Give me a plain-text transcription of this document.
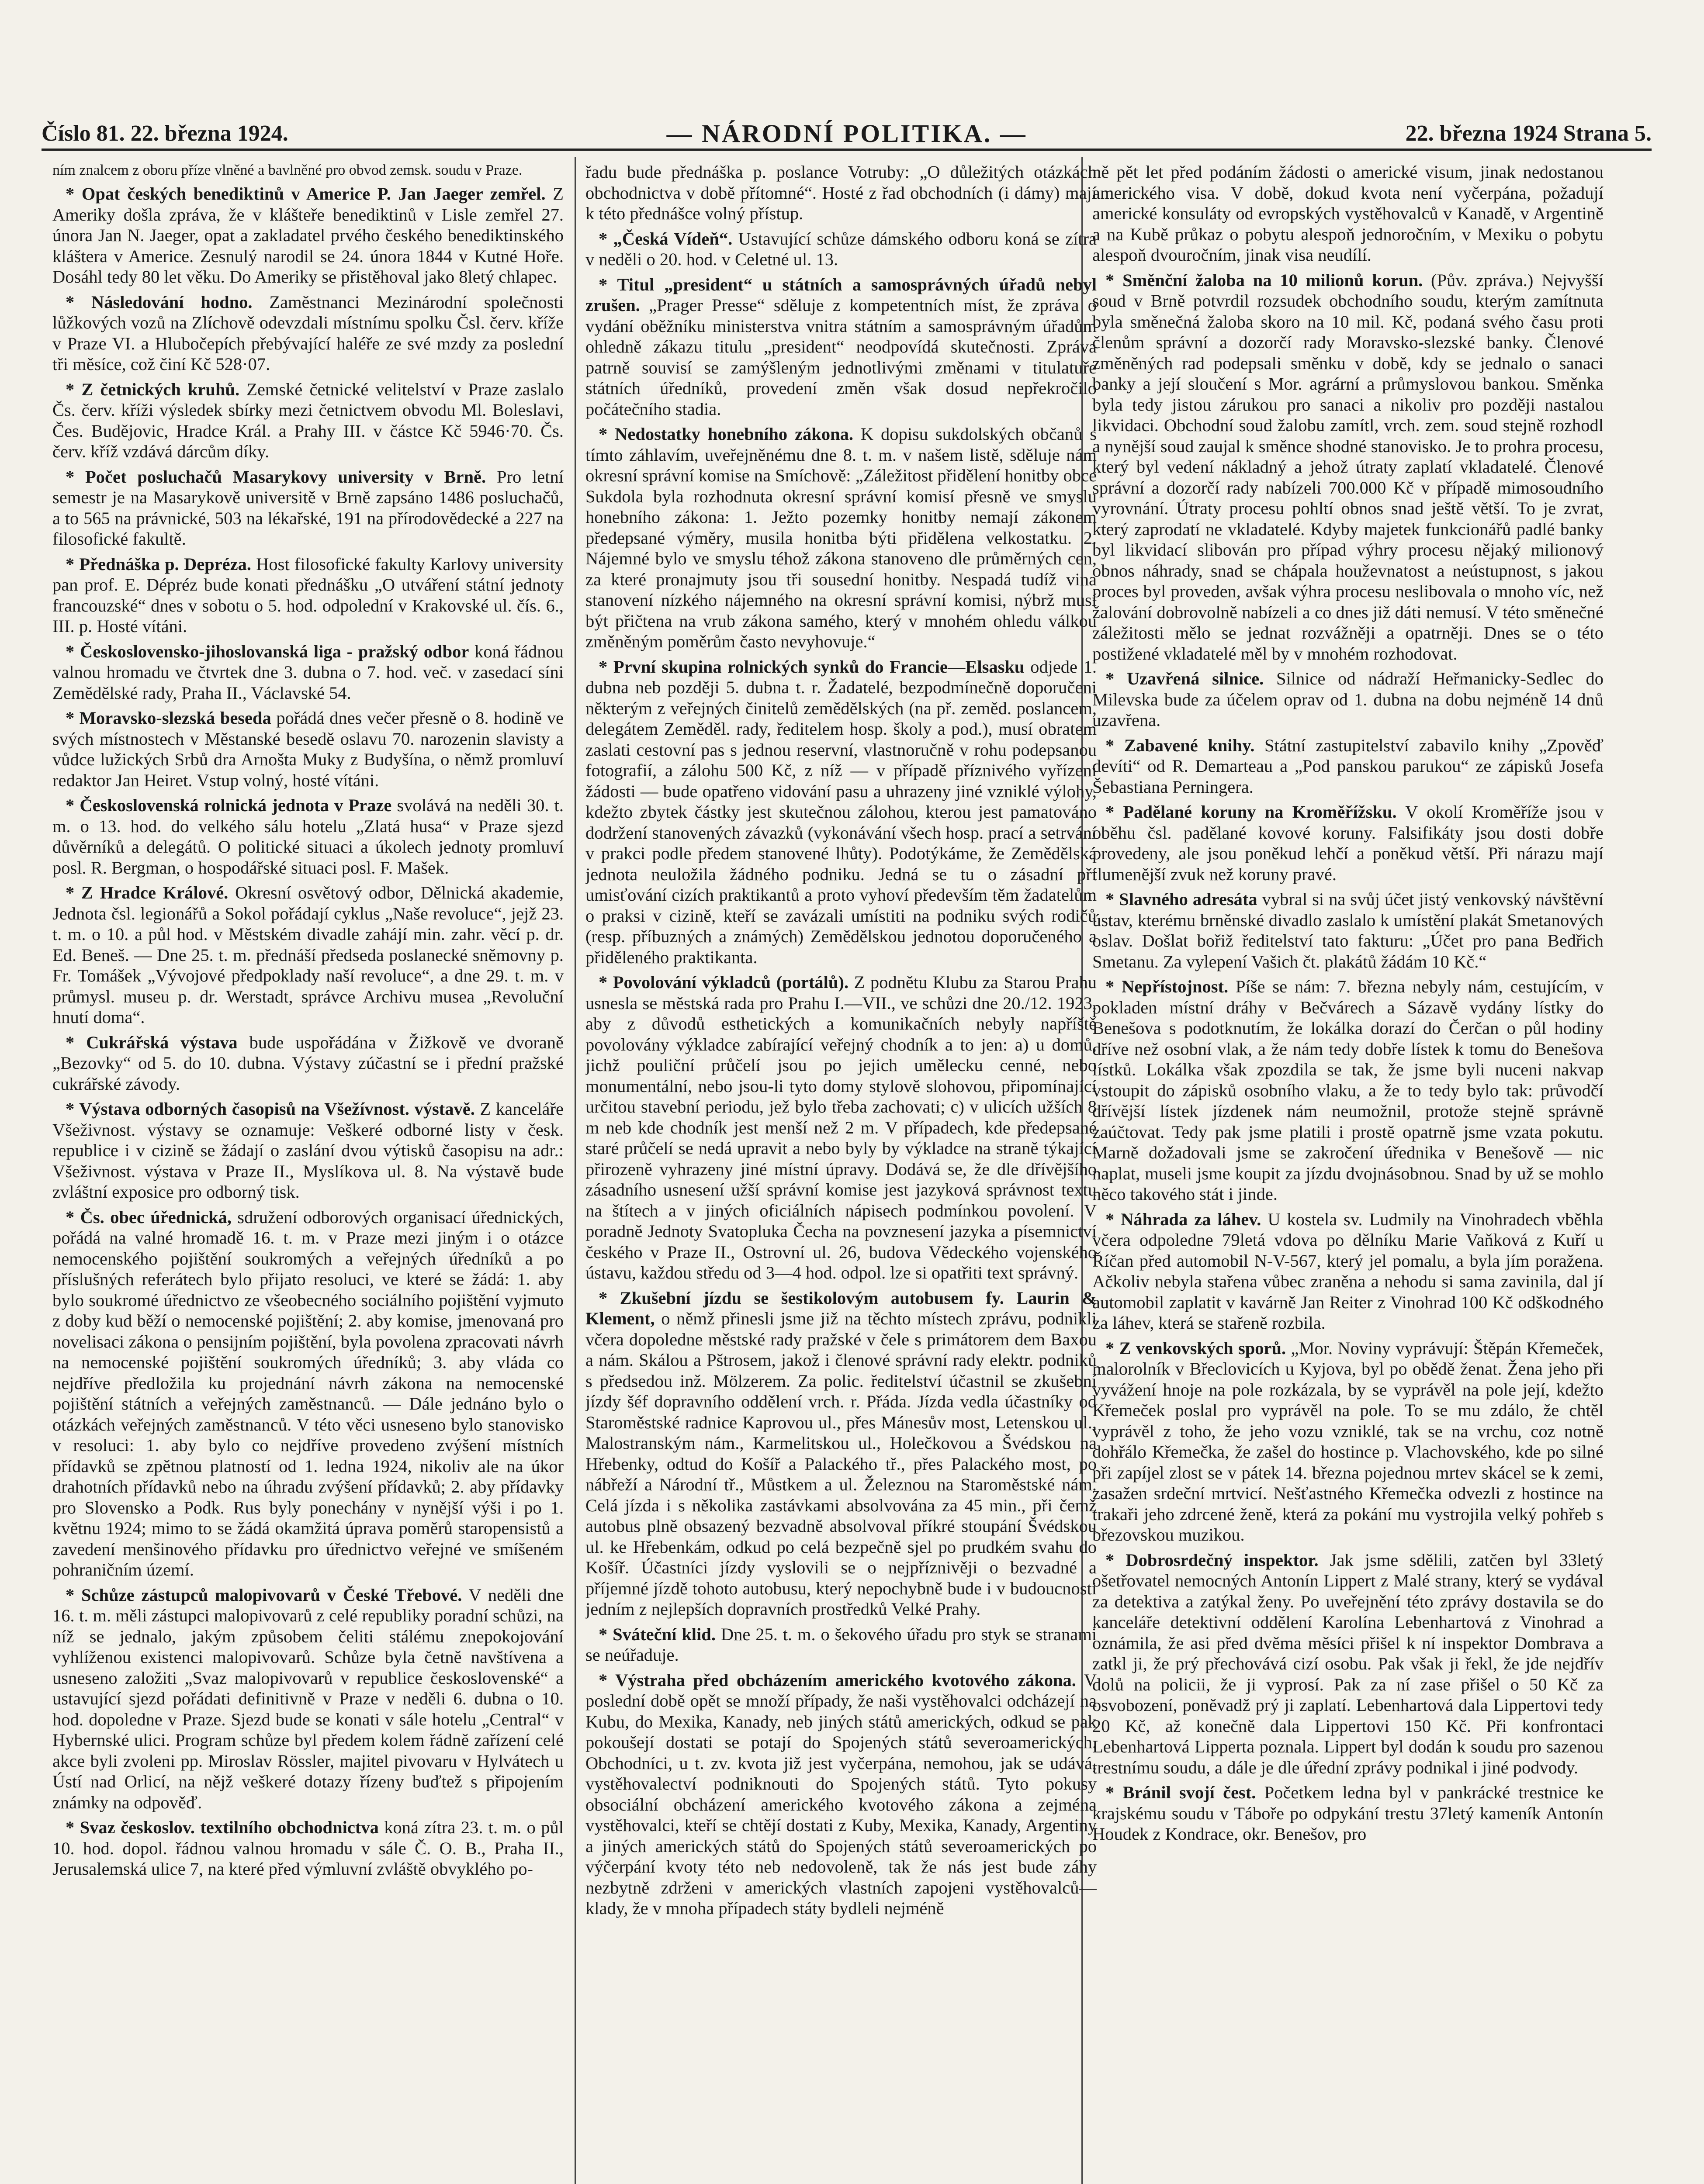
Číslo 81. 22. března 1924.	— NÁRODNÍ POLITIKA. —	22. března 1924 Strana 5.

ním znalcem z oboru příze vlněné a bavlněné pro obvod zemsk. soudu v Praze.

* Opat českých benediktinů v Americe P. Jan Jaeger zemřel. Z Ameriky došla zpráva, že v klášteře benediktinů v Lisle zemřel 27. února Jan N. Jaeger, opat a zakladatel prvého českého benediktinského kláštera v Americe. Zesnulý narodil se 24. února 1844 v Kutné Hoře. Dosáhl tedy 80 let věku. Do Ameriky se přistěhoval jako 8letý chlapec.

* Následování hodno. Zaměstnanci Mezinárodní společnosti lůžkových vozů na Zlíchově odevzdali místnímu spolku Čsl. červ. kříže v Praze VI. a Hlubočepích přebývající haléře ze své mzdy za poslední tři měsíce, což činí Kč 528·07.

* Z četnických kruhů. Zemské četnické velitelství v Praze zaslalo Čs. červ. kříži výsledek sbírky mezi četnictvem obvodu Ml. Boleslavi, Čes. Budějovic, Hradce Král. a Prahy III. v částce Kč 5946·70. Čs. červ. kříž vzdává dárcům díky.

* Počet posluchačů Masarykovy university v Brně. Pro letní semestr je na Masarykově universitě v Brně zapsáno 1486 posluchačů, a to 565 na právnické, 503 na lékařské, 191 na přírodovědecké a 227 na filosofické fakultě.

* Přednáška p. Depréza. Host filosofické fakulty Karlovy university pan prof. E. Dépréz bude konati přednášku „O utváření státní jednoty francouzské“ dnes v sobotu o 5. hod. odpolední v Krakovské ul. čís. 6., III. p. Hosté vítáni.

* Československo-jihoslovanská liga - pražský odbor koná řádnou valnou hromadu ve čtvrtek dne 3. dubna o 7. hod. več. v zasedací síni Zemědělské rady, Praha II., Václavské 54.

* Moravsko-slezská beseda pořádá dnes večer přesně o 8. hodině ve svých místnostech v Městanské besedě oslavu 70. narozenin slavisty a vůdce lužických Srbů dra Arnošta Muky z Budyšína, o němž promluví redaktor Jan Heiret. Vstup volný, hosté vítáni.

* Československá rolnická jednota v Praze svolává na neděli 30. t. m. o 13. hod. do velkého sálu hotelu „Zlatá husa“ v Praze sjezd důvěrníků a delegátů. O politické situaci a úkolech jednoty promluví posl. R. Bergman, o hospodářské situaci posl. F. Mašek.

* Z Hradce Králové. Okresní osvětový odbor, Dělnická akademie, Jednota čsl. legionářů a Sokol pořádají cyklus „Naše revoluce“, jejž 23. t. m. o 10. a půl hod. v Městském divadle zahájí min. zahr. věcí p. dr. Ed. Beneš. — Dne 25. t. m. přednáší předseda poslanecké sněmovny p. Fr. Tomášek „Vývojové předpoklady naší revoluce“, a dne 29. t. m. v průmysl. museu p. dr. Werstadt, správce Archivu musea „Revoluční hnutí doma“.

* Cukrářská výstava bude uspořádána v Žižkově ve dvoraně „Bezovky“ od 5. do 10. dubna. Výstavy zúčastní se i přední pražské cukrářské závody.

* Výstava odborných časopisů na Všežívnost. výstavě. Z kanceláře Všeživnost. výstavy se oznamuje: Veškeré odborné listy v česk. republice i v cizině se žádají o zaslání dvou výtisků časopisu na adr.: Všeživnost. výstava v Praze II., Myslíkova ul. 8. Na výstavě bude zvláštní exposice pro odborný tisk.

* Čs. obec úřednická, sdružení odborových organisací úřednických, pořádá na valné hromadě 16. t. m. v Praze mezi jiným i o otázce nemocenského pojištění soukromých a veřejných úředníků a po příslušných referátech bylo přijato resoluci, ve které se žádá: 1. aby bylo soukromé úřednictvo ze všeobecného sociálního pojištění vyjmuto z doby kud běží o nemocenské pojištění; 2. aby komise, jmenovaná pro novelisaci zákona o pensijním pojištění, byla povolena zpracovati návrh na nemocenské pojištění soukromých úředníků; 3. aby vláda co nejdříve předložila ku projednání návrh zákona na nemocenské pojištění státních a veřejných zaměstnanců. — Dále jednáno bylo o otázkách veřejných zaměstnanců. V této věci usneseno bylo stanovisko v resoluci: 1. aby bylo co nejdříve provedeno zvýšení místních přídavků se zpětnou platností od 1. ledna 1924, nikoliv ale na úkor drahotních přídavků nebo na úhradu zvýšení přídavků; 2. aby přídavky pro Slovensko a Podk. Rus byly ponechány v nynější výši i po 1. květnu 1924; mimo to se žádá okamžitá úprava poměrů staropensistů a zavedení menšinového přídavku pro úřednictvo veřejné ve smíšeném pohraničním území.

* Schůze zástupců malopivovarů v České Třebové. V neděli dne 16. t. m. měli zástupci malopivovarů z celé republiky poradní schůzi, na níž se jednalo, jakým způsobem čeliti stálému znepokojování vyhlíženou existenci malopivovarů. Schůze byla četně navštívena a usneseno založiti „Svaz malopivovarů v republice československé“ a ustavující sjezd pořádati definitivně v Praze v neděli 6. dubna o 10. hod. dopoledne v Praze. Sjezd bude se konati v sále hotelu „Central“ v Hybernské ulici. Program schůze byl předem kolem řádně zařízení celé akce byli zvoleni pp. Miroslav Rössler, majitel pivovaru v Hylvátech u Ústí nad Orlicí, na nějž veškeré dotazy řízeny buďtež s připojením známky na odpověď.

* Svaz českoslov. textilního obchodnictva koná zítra 23. t. m. o půl 10. hod. dopol. řádnou valnou hromadu v sále Č. O. B., Praha II., Jerusalemská ulice 7, na které před výmluvní zvláště obvyklého po-

řadu bude přednáška p. poslance Votruby: „O důležitých otázkách obchodnictva v době přítomné“. Hosté z řad obchodních (i dámy) mají k této přednášce volný přístup.

* „Česká Vídeň“. Ustavující schůze dámského odboru koná se zítra v neděli o 20. hod. v Celetné ul. 13.

* Titul „president“ u státních a samosprávných úřadů nebyl zrušen. „Prager Presse“ sděluje z kompetentních míst, že zpráva o vydání oběžníku ministerstva vnitra státním a samosprávným úřadům ohledně zákazu titulu „president“ neodpovídá skutečnosti. Zpráva patrně souvisí se zamýšleným jednotlivými změnami v titulatuře státních úředníků, provedení změn však dosud nepřekročilo počátečního stadia.

* Nedostatky honebního zákona. K dopisu sukdolských občanů s tímto záhlavím, uveřejněnému dne 8. t. m. v našem listě, sděluje nám okresní správní komise na Smíchově: „Záležitost přidělení honitby obce Sukdola byla rozhodnuta okresní správní komisí přesně ve smyslu honebního zákona: 1. Ježto pozemky honitby nemají zákonem předepsané výměry, musila honitba býti přidělena velkostatku. 2. Nájemné bylo ve smyslu téhož zákona stanoveno dle průměrných cen, za které pronajmuty jsou tři sousední honitby. Nespadá tudíž vina stanovení nízkého nájemného na okresní správní komisi, nýbrž musí být přičtena na vrub zákona samého, který v mnohém ohledu válkou změněným poměrům často nevyhovuje.“

* První skupina rolnických synků do Francie—Elsasku odjede 1. dubna neb později 5. dubna t. r. Žadatelé, bezpodmínečně doporučeni některým z veřejných činitelů zemědělských (na př. zeměd. poslancem, delegátem Zeměděl. rady, ředitelem hosp. školy a pod.), musí obratem zaslati cestovní pas s jednou reservní, vlastnoručně v rohu podepsanou fotografií, a zálohu 500 Kč, z níž — v případě příznivého vyřízení žádosti — bude opatřeno vidování pasu a uhrazeny jiné vzniklé výlohy, kdežto zbytek částky jest skutečnou zálohou, kterou jest pamatováno dodržení stanovených závazků (vykonávání všech hosp. prací a setrvání v prakci podle předem stanovené lhůty). Podotýkáme, že Zemědělská jednota neuložila žádného podniku. Jedná se tu o zásadní pří umisťování cizích praktikantů a proto vyhoví především těm žadatelům o praksi v cizině, kteří se zavázali umístiti na podniku svých rodičů (resp. příbuzných a známých) Zemědělskou jednotou doporučeného a přiděleného praktikanta.

* Povolování výkladců (portálů). Z podnětu Klubu za Starou Prahu usnesla se městská rada pro Prahu I.—VII., ve schůzi dne 20./12. 1923, aby z důvodů esthetických a komunikačních nebyly napříště povolovány výkladce zabírající veřejný chodník a to jen: a) u domů, jichž pouliční průčelí jsou po jejich umělecku cenné, nebo monumentální, nebo jsou-li tyto domy stylově slohovou, připomínající určitou stavební periodu, jež bylo třeba zachovati; c) v ulicích užších 8 m neb kde chodník jest menší než 2 m. V případech, kde předepsané staré průčelí se nedá upravit a nebo byly by výkladce na straně týkající přirozeně vyhrazeny jiné místní úpravy. Dodává se, že dle dřívějšího zásadního usnesení užší správní komise jest jazyková správnost textu na štítech a v jiných oficiálních nápisech podmínkou povolení. V poradně Jednoty Svatopluka Čecha na povznesení jazyka a písemnictví českého v Praze II., Ostrovní ul. 26, budova Vědeckého vojenského ústavu, každou středu od 3—4 hod. odpol. lze si opatřiti text správný.

* Zkušební jízdu se šestikolovým autobusem fy. Laurin & Klement, o němž přinesli jsme již na těchto místech zprávu, podnikli včera dopoledne městské rady pražské v čele s primátorem dem Baxou a nám. Skálou a Pštrosem, jakož i členové správní rady elektr. podniků s předsedou inž. Mölzerem. Za polic. ředitelství účastnil se zkušební jízdy šéf dopravního oddělení vrch. r. Přáda. Jízda vedla účastníky od Staroměstské radnice Kaprovou ul., přes Mánesův most, Letenskou ul., Malostranským nám., Karmelitskou ul., Holečkovou a Švédskou na Hřebenky, odtud do Košíř a Palackého tř., přes Palackého most, po nábřeží a Národní tř., Můstkem a ul. Železnou na Staroměstské nám. Celá jízda i s několika zastávkami absolvována za 45 min., při čemž autobus plně obsazený bezvadně absolvoval příkré stoupání Švédskou ul. ke Hřebenkám, odkud po celá bezpečně sjel po prudkém svahu do Košíř. Účastníci jízdy vyslovili se o nejpříznivěji o bezvadné a příjemné jízdě tohoto autobusu, který nepochybně bude i v budoucnosti jedním z nejlepších dopravních prostředků Velké Prahy.

* Sváteční klid. Dne 25. t. m. o šekového úřadu pro styk se stranami se neúřaduje.

* Výstraha před obcházením amerického kvotového zákona. V poslední době opět se množí případy, že naši vystěhovalci odcházejí na Kubu, do Mexika, Kanady, neb jiných států amerických, odkud se pak pokoušejí dostati se potají do Spojených států severoamerických. Obchodníci, u t. zv. kvota již jest vyčerpána, nemohou, jak se udává, vystěhovalectví podniknouti do Spojených států. Tyto pokusy obsociální obcházení amerického kvotového zákona a zejména vystěhovalci, kteří se chtějí dostati z Kuby, Mexika, Kanady, Argentiny a jiných amerických států do Spojených států severoamerických po výčerpání kvoty této neb nedovoleně, tak že nás jest bude záhy nezbytně zdrženi v amerických vlastních zapojeni vystěhovalců—klady, že v mnoha případech státy bydleli nejméně

ně pět let před podáním žádosti o americké visum, jinak nedostanou amerického visa. V době, dokud kvota není vyčerpána, požadují americké konsuláty od evropských vystěhovalců v Kanadě, v Argentině a na Kubě průkaz o pobytu alespoň jednoročním, v Mexiku o pobytu alespoň dvouročním, jinak visa neudílí.

* Směnční žaloba na 10 milionů korun. (Pův. zpráva.) Nejvyšší soud v Brně potvrdil rozsudek obchodního soudu, kterým zamítnuta byla směnečná žaloba skoro na 10 mil. Kč, podaná svého času proti členům správní a dozorčí rady Moravsko-slezské banky. Členové změněných rad podepsali směnku v době, kdy se jednalo o sanaci banky a její sloučení s Mor. agrární a průmyslovou bankou. Směnka byla tedy jistou zárukou pro sanaci a nikoliv pro později nastalou likvidaci. Obchodní soud žalobu zamítl, vrch. zem. soud stejně rozhodl a nynější soud zaujal k směnce shodné stanovisko. Je to prohra procesu, který byl vedení nákladný a jehož útraty zaplatí vkladatelé. Členové správní a dozorčí rady nabízeli 700.000 Kč v případě mimosoudního vyrovnání. Útraty procesu pohltí obnos snad ještě větší. To je zvrat, který zaprodatí ne vkladatelé. Kdyby majetek funkcionářů padlé banky byl likvidací slibován pro případ výhry procesu nějaký milionový obnos náhrady, snad se chápala houževnatost a neústupnost, s jakou proces byl proveden, avšak výhra procesu neslibovala o mnoho víc, než žalování dobrovolně nabízeli a co dnes již dáti nemusí. V této směnečné záležitosti mělo se jednat rozvážněji a opatrněji. Dnes se o této postižené vkladatelé měl by v mnohém rozhodovat.

* Uzavřená silnice. Silnice od nádraží Heřmanicky-Sedlec do Milevska bude za účelem oprav od 1. dubna na dobu nejméně 14 dnů uzavřena.

* Zabavené knihy. Státní zastupitelství zabavilo knihy „Zpověď devíti“ od R. Demarteau a „Pod panskou parukou“ ze zápisků Josefa Šebastiana Perningera.

* Padělané koruny na Kroměřížsku. V okolí Kroměříže jsou v oběhu čsl. padělané kovové koruny. Falsifikáty jsou dosti dobře provedeny, ale jsou poněkud lehčí a poněkud větší. Při nárazu mají tlumenější zvuk než koruny pravé.

* Slavného adresáta vybral si na svůj účet jistý venkovský návštěvní ústav, kterému brněnské divadlo zaslalo k umístění plakát Smetanových oslav. Došlat bořiž ředitelství tato fakturu: „Účet pro pana Bedřich Smetanu. Za vylepení Vašich čt. plakátů žádám 10 Kč.“

* Nepřístojnost. Píše se nám: 7. března nebyly nám, cestujícím, v pokladen místní dráhy v Bečvárech a Sázavě vydány lístky do Benešova s podotknutím, že lokálka dorazí do Čerčan o půl hodiny dříve než osobní vlak, a že nám tedy dobře lístek k tomu do Benešova lístků. Lokálka však zpozdila se tak, že jsme byli nuceni nakvap vstoupit do zápisků osobního vlaku, a že to tedy bylo tak: průvodčí dřívější lístek jízdenek nám neumožnil, protože stejně správně zaúčtovat. Tedy pak jsme platili i prostě opatrně jsme vzata pokutu. Marně dožadovali jsme se zakročení úřednika v Benešově — nic naplat, museli jsme koupit za jízdu dvojnásobnou. Snad by už se mohlo něco takového stát i jinde.

* Náhrada za láhev. U kostela sv. Ludmily na Vinohradech vběhla včera odpoledne 79letá vdova po dělníku Marie Vaňková z Kuří u Říčan před automobil N-V-567, který jel pomalu, a byla jím poražena. Ačkoliv nebyla stařena vůbec zraněna a nehodu si sama zavinila, dal jí automobil zaplatit v kavárně Jan Reiter z Vinohrad 100 Kč odškodného za láhev, která se stařeně rozbila.

* Z venkovských sporů. „Mor. Noviny vyprávují: Štěpán Křemeček, malorolník v Břeclovicích u Kyjova, byl po obědě ženat. Žena jeho při vyvážení hnoje na pole rozkázala, by se vyprávěl na pole její, kdežto Křemeček poslal pro vyprávěl na pole. To se mu zdálo, že chtěl vyprávěl z toho, že jeho vozu vzniklé, tak se na vrchu, coz notně dohřálo Křemečka, že zašel do hostince p. Vlachovského, kde po silné při zapíjel zlost se v pátek 14. března pojednou mrtev skácel se k zemi, zasažen srdeční mrtvicí. Nešťastného Křemečka odvezli z hostince na trakaři jeho zdrcené ženě, která za pokání mu vystrojila velký pohřeb s březovskou muzikou.

* Dobrosrdečný inspektor. Jak jsme sdělili, zatčen byl 33letý ošetřovatel nemocných Antonín Lippert z Malé strany, který se vydával za detektiva a zatýkal ženy. Po uveřejnění této zprávy dostavila se do kanceláře detektivní oddělení Karolína Lebenhartová z Vinohrad a oznámila, že asi před dvěma měsíci přišel k ní inspektor Dombrava a zatkl ji, že prý přechovává cizí osobu. Pak však ji řekl, že jde nejdřív dolů na policii, že ji vyprosí. Pak za ní zase přišel o 50 Kč za osvobození, poněvadž prý ji zaplatí. Lebenhartová dala Lippertovi tedy 20 Kč, až konečně dala Lippertovi 150 Kč. Při konfrontaci Lebenhartová Lipperta poznala. Lippert byl dodán k soudu pro sazenou trestnímu soudu, a dále je dle úřední zprávy podnikal i jiné podvody.

* Bránil svojí čest. Početkem ledna byl v pankrácké trestnice ke krajskému soudu v Táboře po odpykání trestu 37letý kameník Antonín Houdek z Kondrace, okr. Benešov, pro
